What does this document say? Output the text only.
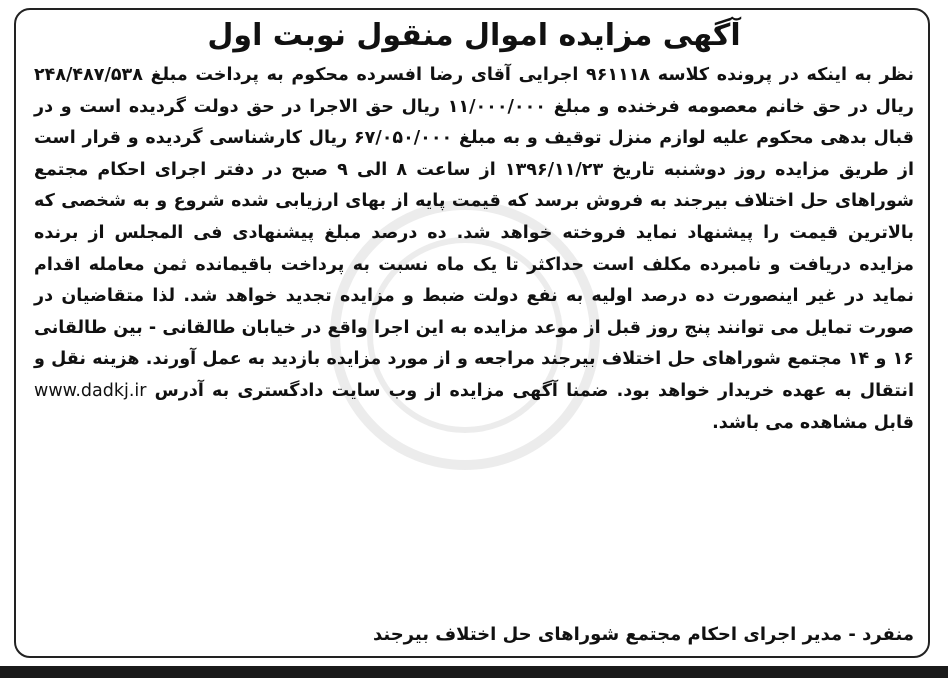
آگهی مزایده اموال منقول نوبت اول
نظر به اینکه در پرونده کلاسه ۹۶۱۱۱۸ اجرایی آقای رضا افسرده محکوم به پرداخت مبلغ ۲۴۸/۴۸۷/۵۳۸ ریال در حق خانم معصومه فرخنده و مبلغ ۱۱/۰۰۰/۰۰۰ ریال حق الاجرا در حق دولت گردیده است و در قبال بدهی محکوم علیه لوازم منزل توقیف و به مبلغ ۶۷/۰۵۰/۰۰۰ ریال کارشناسی گردیده و قرار است از طریق مزایده روز دوشنبه تاریخ ۱۳۹۶/۱۱/۲۳ از ساعت ۸ الی ۹ صبح در دفتر اجرای احکام مجتمع شوراهای حل اختلاف بیرجند به فروش برسد که قیمت پایه از بهای ارزیابی شده شروع و به شخصی که بالاترین قیمت را پیشنهاد نماید فروخته خواهد شد. ده درصد مبلغ پیشنهادی فی المجلس از برنده مزایده دریافت و نامبرده مکلف است حداکثر تا یک ماه نسبت به پرداخت باقیمانده ثمن معامله اقدام نماید در غیر اینصورت ده درصد اولیه به نفع دولت ضبط و مزایده تجدید خواهد شد. لذا متقاضیان در صورت تمایل می توانند پنج روز قبل از موعد مزایده به این اجرا واقع در خیابان طالقانی - بین طالقانی ۱۶ و ۱۴ مجتمع شوراهای حل اختلاف بیرجند مراجعه و از مورد مزایده بازدید به عمل آورند. هزینه نقل و انتقال به عهده خریدار خواهد بود. ضمنا آگهی مزایده از وب سایت دادگستری به آدرس www.dadkj.ir قابل مشاهده می باشد.
منفرد - مدیر اجرای احکام مجتمع شوراهای حل اختلاف بیرجند
